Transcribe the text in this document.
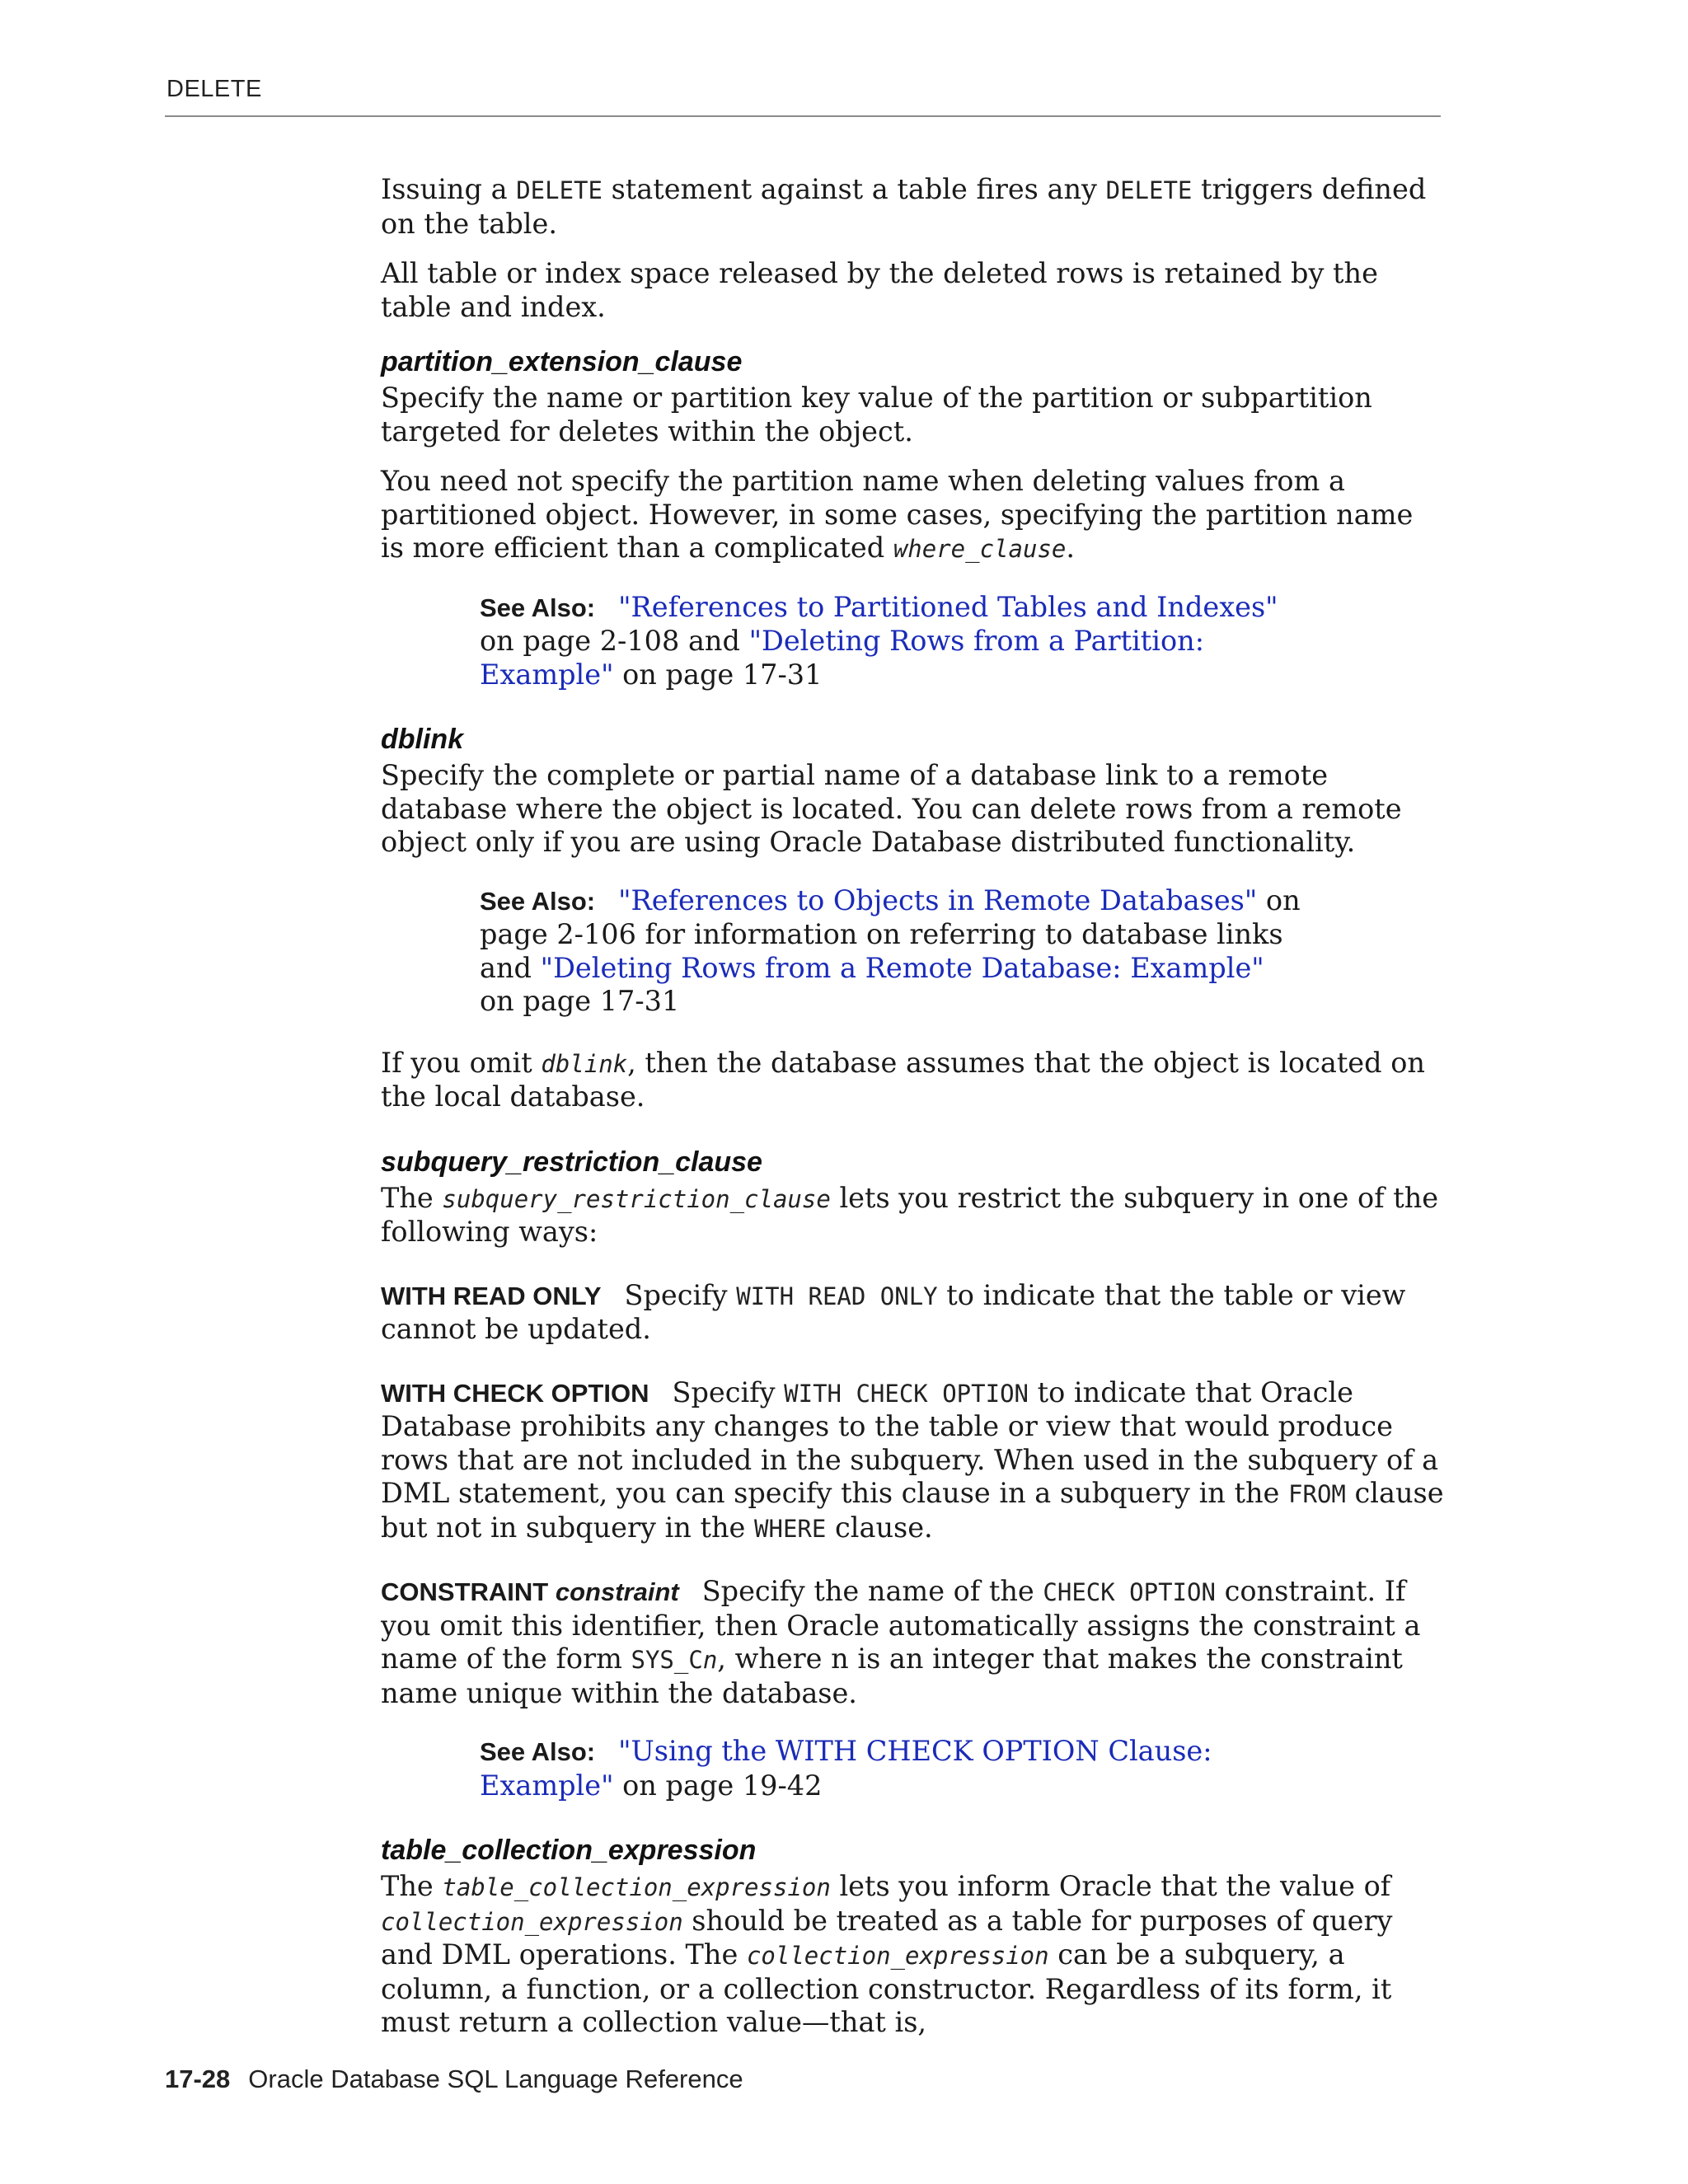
DELETE

Issuing a DELETE statement against a table fires any DELETE triggers defined on the table.

All table or index space released by the deleted rows is retained by the table and index.

partition_extension_clause

Specify the name or partition key value of the partition or subpartition targeted for deletes within the object.

You need not specify the partition name when deleting values from a partitioned object. However, in some cases, specifying the partition name is more efficient than a complicated where_clause.

See Also: "References to Partitioned Tables and Indexes" on page 2-108 and "Deleting Rows from a Partition: Example" on page 17-31
dblink

Specify the complete or partial name of a database link to a remote database where the object is located. You can delete rows from a remote object only if you are using Oracle Database distributed functionality.

See Also: "References to Objects in Remote Databases" on page 2-106 for information on referring to database links and "Deleting Rows from a Remote Database: Example" on page 17-31

If you omit dblink, then the database assumes that the object is located on the local database.

subquery_restriction_clause

The subquery_restriction_clause lets you restrict the subquery in one of the following ways:

WITH READ ONLY Specify WITH READ ONLY to indicate that the table or view cannot be updated.

WITH CHECK OPTION Specify WITH CHECK OPTION to indicate that Oracle Database prohibits any changes to the table or view that would produce rows that are not included in the subquery. When used in the subquery of a DML statement, you can specify this clause in a subquery in the FROM clause but not in subquery in the WHERE clause.

CONSTRAINT constraint Specify the name of the CHECK OPTION constraint. If you omit this identifier, then Oracle automatically assigns the constraint a name of the form SYS_Cn, where n is an integer that makes the constraint name unique within the database.

See Also: "Using the WITH CHECK OPTION Clause: Example" on page 19-42
table_collection_expression

The table_collection_expression lets you inform Oracle that the value of collection_expression should be treated as a table for purposes of query and DML operations. The collection_expression can be a subquery, a column, a function, or a collection constructor. Regardless of its form, it must return a collection value—that is,

17-28 Oracle Database SQL Language Reference
